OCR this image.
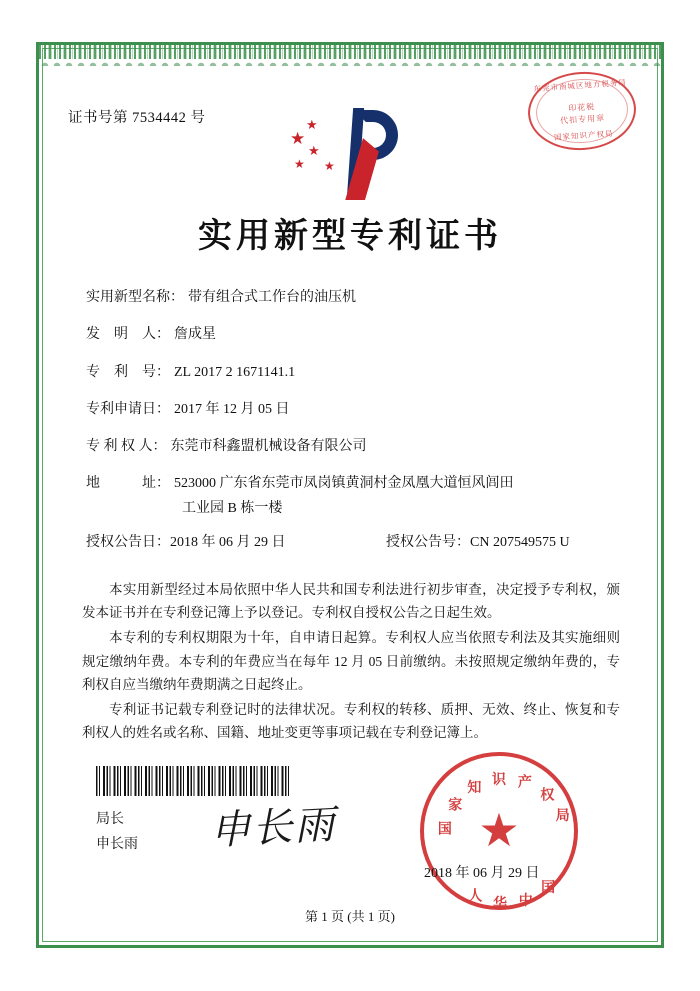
证书号第 7534442 号
★
★
★
★
★
东莞市南城区地方税务局
印花税
代扣专用章
国家知识产权局
实用新型专利证书
实用新型名称： 带有组合式工作台的油压机
发　明　人： 詹成星
专　利　号： ZL 2017 2 1671141.1
专利申请日： 2017 年 12 月 05 日
专 利 权 人： 东莞市科鑫盟机械设备有限公司
地　　　址： 523000 广东省东莞市凤岗镇黄洞村金凤凰大道恒风闾田
工业园 B 栋一楼
授权公告日：2018 年 06 月 29 日	授权公告号：CN 207549575 U

本实用新型经过本局依照中华人民共和国专利法进行初步审查，决定授予专利权，颁发本证书并在专利登记簿上予以登记。专利权自授权公告之日起生效。

本专利的专利权期限为十年，自申请日起算。专利权人应当依照专利法及其实施细则规定缴纳年费。本专利的年费应当在每年 12 月 05 日前缴纳。未按照规定缴纳年费的，专利权自应当缴纳年费期满之日起终止。

专利证书记载专利登记时的法律状况。专利权的转移、质押、无效、终止、恢复和专利权人的姓名或名称、国籍、地址变更等事项记载在专利登记簿上。

局长
申长雨 申长雨	国
家
知
识 产
权
局
中
华
人
国
★
2018 年 06 月 29 日
第 1 页 (共 1 页)
